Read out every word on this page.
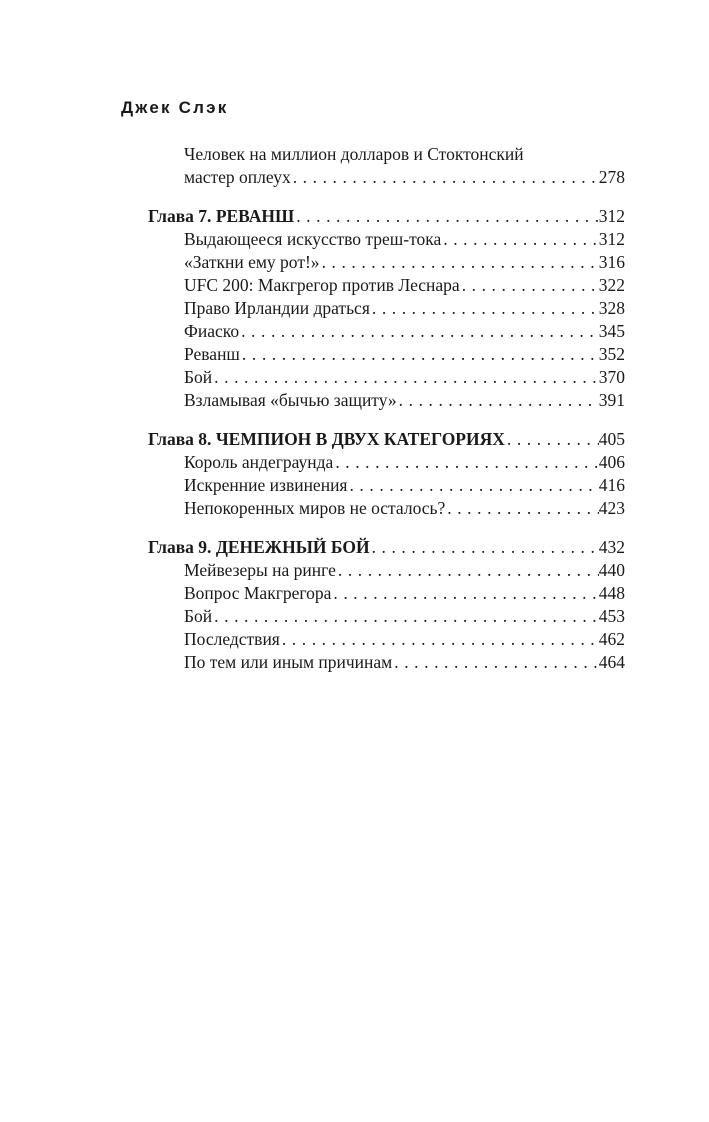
Джек Слэк
Человек на миллион долларов и Стоктонский
мастер оплеух . . .	278
Глава 7. РЕВАНШ . . .	312
Выдающееся искусство треш-тока . . .	312
«Заткни ему рот!» . . .	316
UFC 200: Макгрегор против Леснара . . .	322
Право Ирландии драться . . .	328
Фиаско . . .	345
Реванш . . .	352
Бой . . .	370
Взламывая «бычью защиту» . . .	391
Глава 8. ЧЕМПИОН В ДВУХ КАТЕГОРИЯХ . . .	405
Король андеграунда . . .	406
Искренние извинения . . .	416
Непокоренных миров не осталось? . . .	423
Глава 9. ДЕНЕЖНЫЙ БОЙ . . .	432
Мейвезеры на ринге . . .	440
Вопрос Макгрегора . . .	448
Бой . . .	453
Последствия . . .	462
По тем или иным причинам . . .	464
